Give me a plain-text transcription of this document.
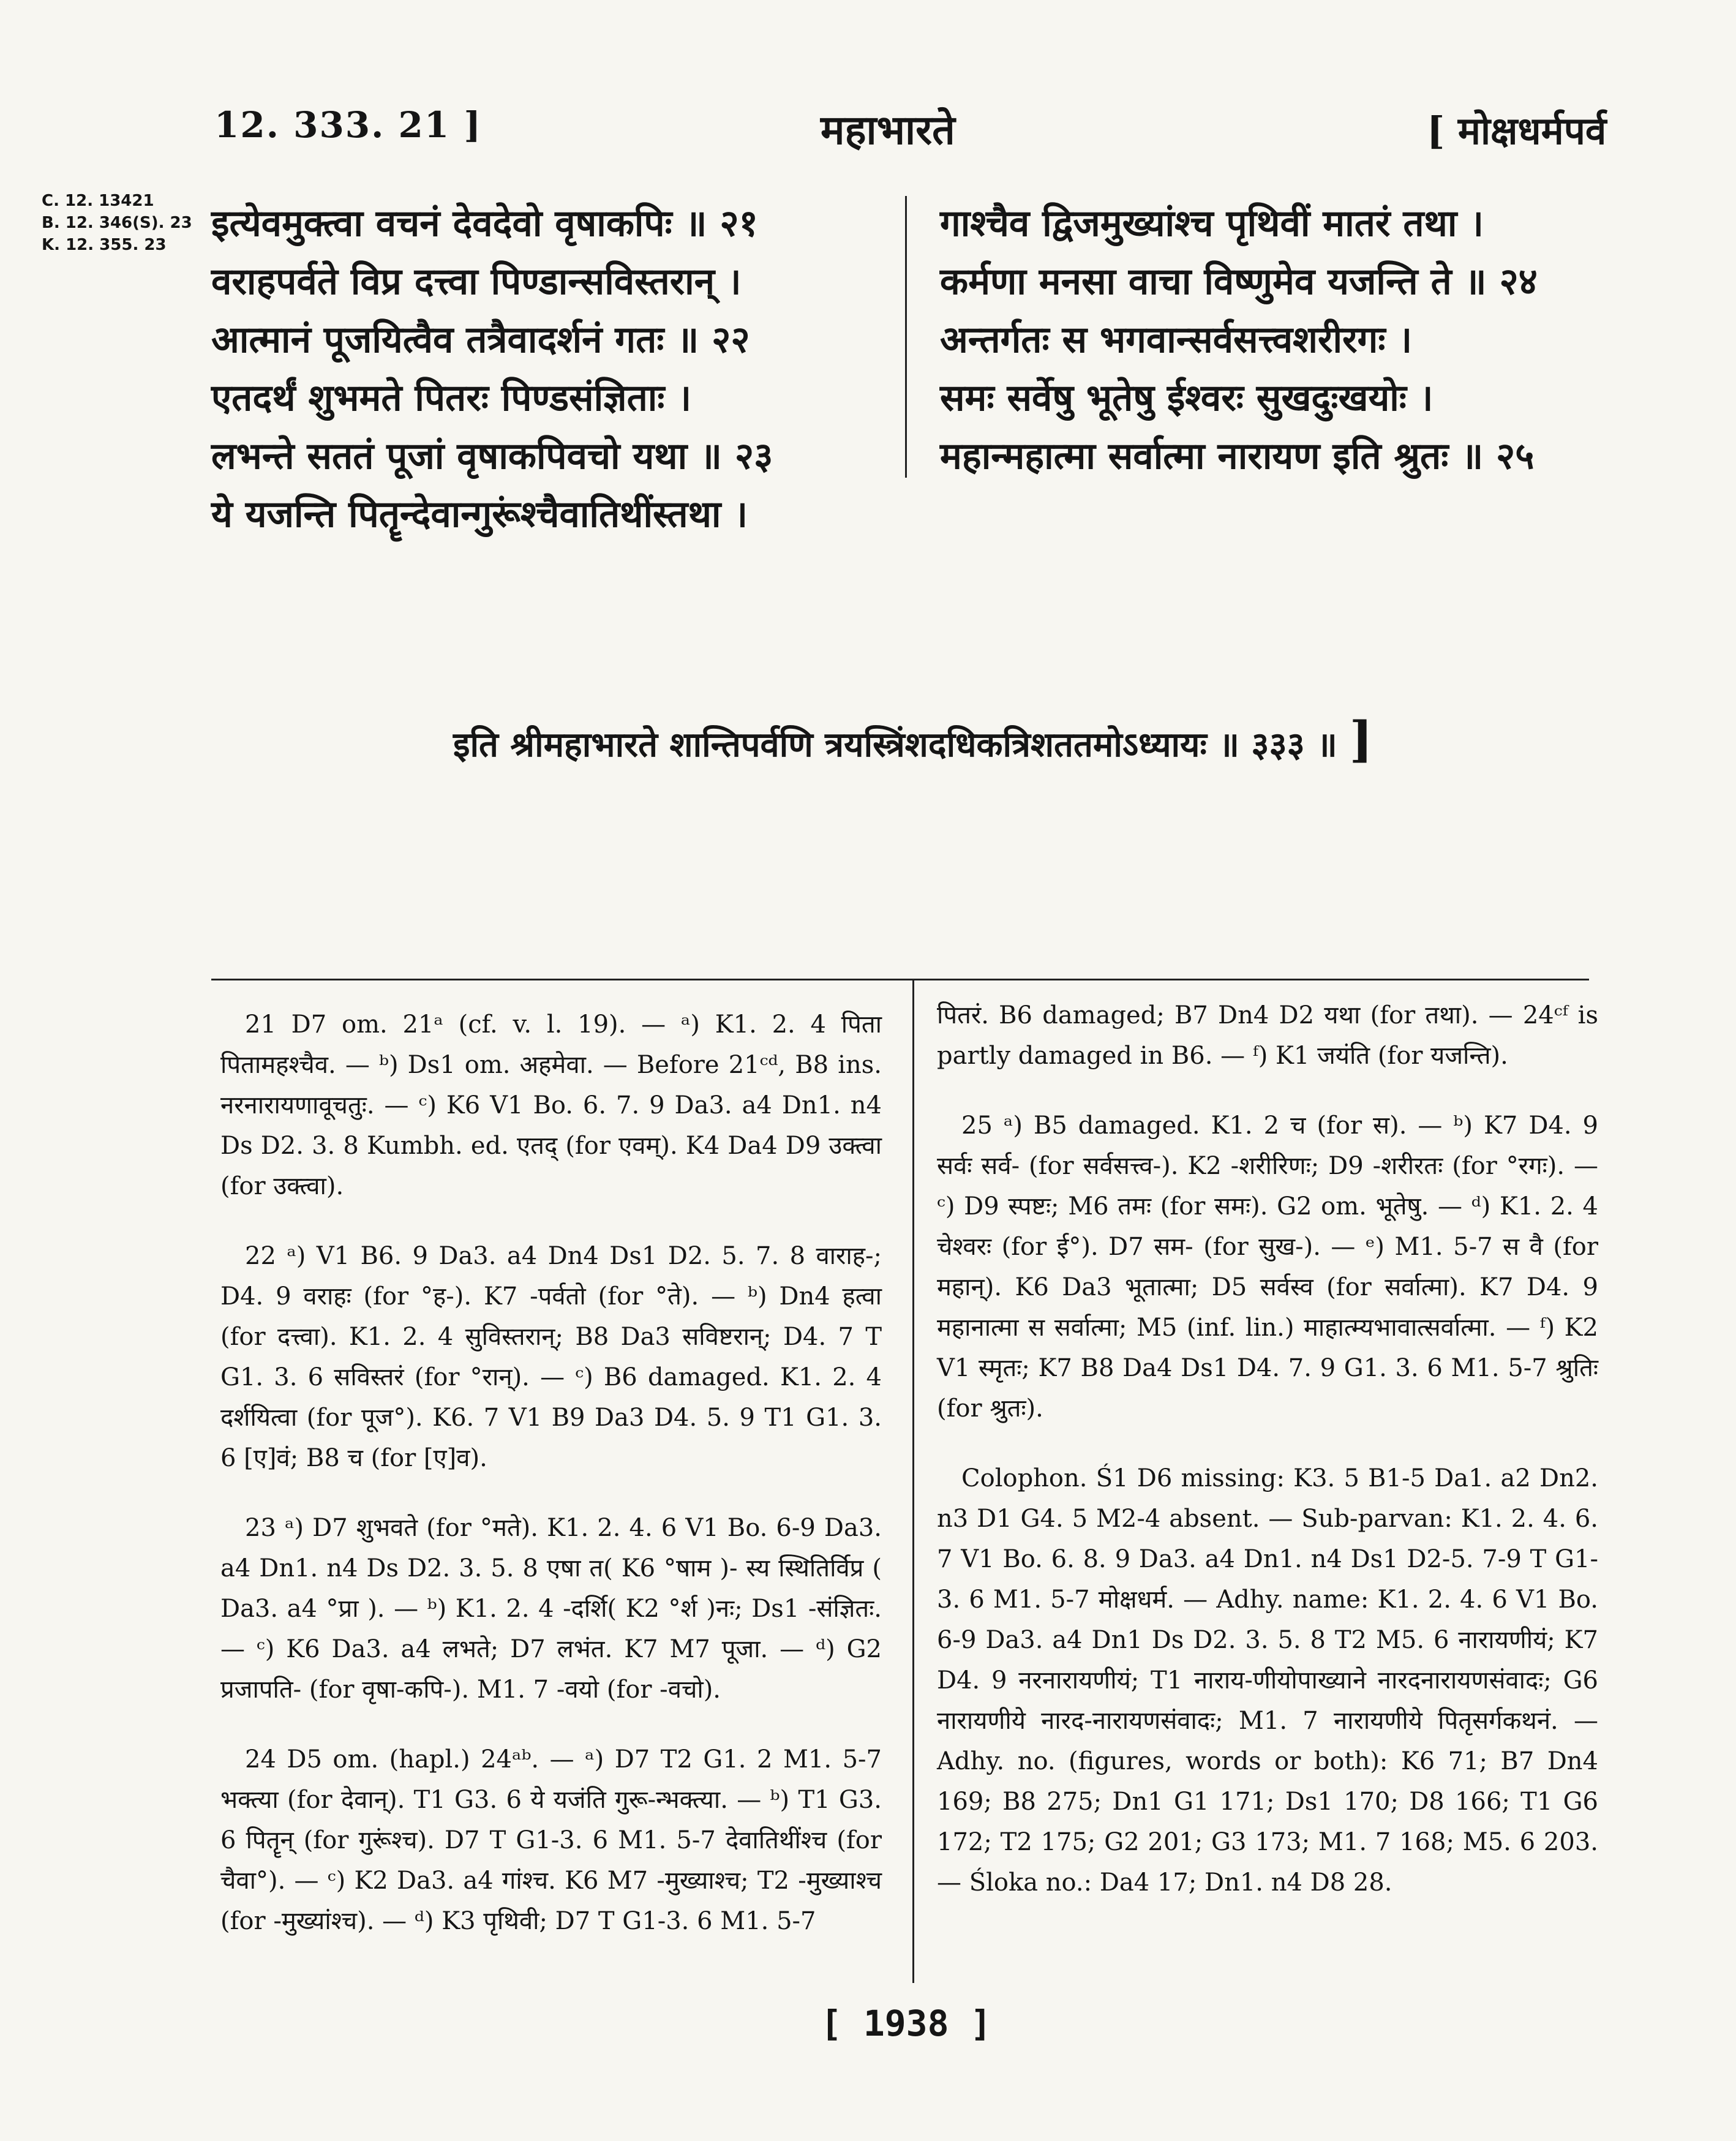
12. 333. 21 ]	महाभारते	[ मोक्षधर्मपर्व
C. 12. 13421
B. 12. 346(S). 23
K. 12. 355. 23	इत्येवमुक्त्वा वचनं देवदेवो वृषाकपिः ॥ २१
वराहपर्वते विप्र दत्त्वा पिण्डान्सविस्तरान् ।
आत्मानं पूजयित्वैव तत्रैवादर्शनं गतः ॥ २२
एतदर्थं शुभमते पितरः पिण्डसंज्ञिताः ।
लभन्ते सततं पूजां वृषाकपिवचो यथा ॥ २३
ये यजन्ति पितॄन्देवान्गुरूंश्चैवातिथींस्तथा ।
गाश्चैव द्विजमुख्यांश्च पृथिवीं मातरं तथा ।
कर्मणा मनसा वाचा विष्णुमेव यजन्ति ते ॥ २४
अन्तर्गतः स भगवान्सर्वसत्त्वशरीरगः ।
समः सर्वेषु भूतेषु ईश्वरः सुखदुःखयोः ।
महान्महात्मा सर्वात्मा नारायण इति श्रुतः ॥ २५
इति श्रीमहाभारते शान्तिपर्वणि त्रयस्त्रिंशदधिकत्रिशततमोऽध्यायः ॥ ३३३ ॥ ]

21 D7 om. 21ᵃ (cf. v. l. 19). — ᵃ) K1. 2. 4 पिता पितामहश्चैव. — ᵇ) Ds1 om. अहमेवा. — Before 21ᶜᵈ, B8 ins. नरनारायणावूचतुः. — ᶜ) K6 V1 Bo. 6. 7. 9 Da3. a4 Dn1. n4 Ds D2. 3. 8 Kumbh. ed. एतद् (for एवम्). K4 Da4 D9 उक्त्वा (for उक्त्वा).

22 ᵃ) V1 B6. 9 Da3. a4 Dn4 Ds1 D2. 5. 7. 8 वाराह-; D4. 9 वराहः (for °ह-). K7 -पर्वतो (for °ते). — ᵇ) Dn4 हत्वा (for दत्त्वा). K1. 2. 4 सुविस्तरान्; B8 Da3 सविष्टरान्; D4. 7 T G1. 3. 6 सविस्तरं (for °रान्). — ᶜ) B6 damaged. K1. 2. 4 दर्शयित्वा (for पूज°). K6. 7 V1 B9 Da3 D4. 5. 9 T1 G1. 3. 6 [ए]वं; B8 च (for [ए]व).

23 ᵃ) D7 शुभवते (for °मते). K1. 2. 4. 6 V1 Bo. 6-9 Da3. a4 Dn1. n4 Ds D2. 3. 5. 8 एषा त( K6 °षाम )- स्य स्थितिर्विप्र ( Da3. a4 °प्रा ). — ᵇ) K1. 2. 4 -दर्शि( K2 °र्श )नः; Ds1 -संज्ञितः. — ᶜ) K6 Da3. a4 लभते; D7 लभंत. K7 M7 पूजा. — ᵈ) G2 प्रजापति- (for वृषा-कपि-). M1. 7 -वयो (for -वचो).

24 D5 om. (hapl.) 24ᵃᵇ. — ᵃ) D7 T2 G1. 2 M1. 5-7 भक्त्या (for देवान्). T1 G3. 6 ये यजंति गुरू-न्भक्त्या. — ᵇ) T1 G3. 6 पितॄन् (for गुरूंश्च). D7 T G1-3. 6 M1. 5-7 देवातिथींश्च (for चैवा°). — ᶜ) K2 Da3. a4 गांश्च. K6 M7 -मुख्याश्च; T2 -मुख्याश्च (for -मुख्यांश्च). — ᵈ) K3 पृथिवी; D7 T G1-3. 6 M1. 5-7

पितरं. B6 damaged; B7 Dn4 D2 यथा (for तथा). — 24ᶜᶠ is partly damaged in B6. — ᶠ) K1 जयंति (for यजन्ति).

25 ᵃ) B5 damaged. K1. 2 च (for स). — ᵇ) K7 D4. 9 सर्वः सर्व- (for सर्वसत्त्व-). K2 -शरीरिणः; D9 -शरीरतः (for °रगः). — ᶜ) D9 स्पष्टः; M6 तमः (for समः). G2 om. भूतेषु. — ᵈ) K1. 2. 4 चेश्वरः (for ई°). D7 सम- (for सुख-). — ᵉ) M1. 5-7 स वै (for महान्). K6 Da3 भूतात्मा; D5 सर्वस्व (for सर्वात्मा). K7 D4. 9 महानात्मा स सर्वात्मा; M5 (inf. lin.) माहात्म्यभावात्सर्वात्मा. — ᶠ) K2 V1 स्मृतः; K7 B8 Da4 Ds1 D4. 7. 9 G1. 3. 6 M1. 5-7 श्रुतिः (for श्रुतः).

Colophon. Ś1 D6 missing: K3. 5 B1-5 Da1. a2 Dn2. n3 D1 G4. 5 M2-4 absent. — Sub-parvan: K1. 2. 4. 6. 7 V1 Bo. 6. 8. 9 Da3. a4 Dn1. n4 Ds1 D2-5. 7-9 T G1-3. 6 M1. 5-7 मोक्षधर्म. — Adhy. name: K1. 2. 4. 6 V1 Bo. 6-9 Da3. a4 Dn1 Ds D2. 3. 5. 8 T2 M5. 6 नारायणीयं; K7 D4. 9 नरनारायणीयं; T1 नाराय-णीयोपाख्याने नारदनारायणसंवादः; G6 नारायणीये नारद-नारायणसंवादः; M1. 7 नारायणीये पितृसर्गकथनं. — Adhy. no. (figures, words or both): K6 71; B7 Dn4 169; B8 275; Dn1 G1 171; Ds1 170; D8 166; T1 G6 172; T2 175; G2 201; G3 173; M1. 7 168; M5. 6 203. — Śloka no.: Da4 17; Dn1. n4 D8 28.

[ 1938 ]
